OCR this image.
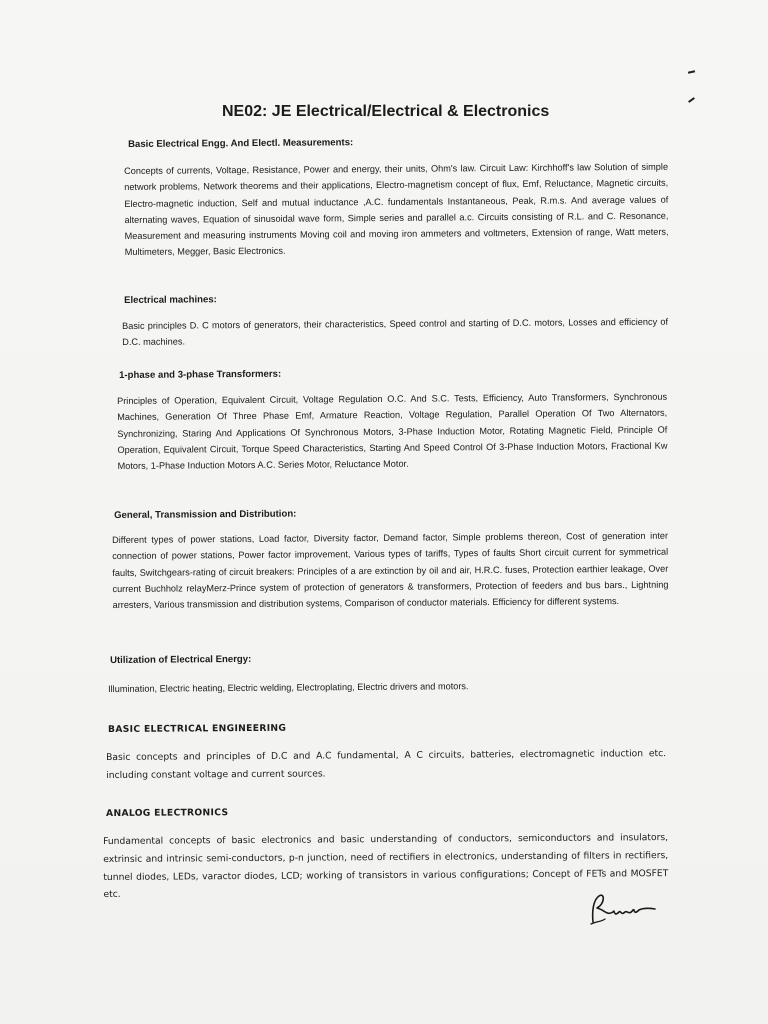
NE02: JE Electrical/Electrical & Electronics
Basic Electrical Engg. And Electl. Measurements:
Concepts of currents, Voltage, Resistance, Power and energy, their units, Ohm's law. Circuit Law: Kirchhoff's law Solution of simple network problems, Network theorems and their applications, Electro-magnetism concept of flux, Emf, Reluctance, Magnetic circuits, Electro-magnetic induction, Self and mutual inductance ,A.C. fundamentals Instantaneous, Peak, R.m.s. And average values of alternating waves, Equation of sinusoidal wave form, Simple series and parallel a.c. Circuits consisting of R.L. and C. Resonance, Measurement and measuring instruments Moving coil and moving iron ammeters and voltmeters, Extension of range, Watt meters, Multimeters, Megger, Basic Electronics.
Electrical machines:
Basic principles D. C motors of generators, their characteristics, Speed control and starting of D.C. motors, Losses and efficiency of D.C. machines.
1-phase and 3-phase Transformers:
Principles of Operation, Equivalent Circuit, Voltage Regulation O.C. And S.C. Tests, Efficiency, Auto Transformers, Synchronous Machines, Generation Of Three Phase Emf, Armature Reaction, Voltage Regulation, Parallel Operation Of Two Alternators, Synchronizing, Staring And Applications Of Synchronous Motors, 3-Phase Induction Motor, Rotating Magnetic Field, Principle Of Operation, Equivalent Circuit, Torque Speed Characteristics, Starting And Speed Control Of 3-Phase Induction Motors, Fractional Kw Motors, 1-Phase Induction Motors A.C. Series Motor, Reluctance Motor.
General, Transmission and Distribution:
Different types of power stations, Load factor, Diversity factor, Demand factor, Simple problems thereon, Cost of generation inter connection of power stations, Power factor improvement, Various types of tariffs, Types of faults Short circuit current for symmetrical faults, Switchgears-rating of circuit breakers: Principles of a are extinction by oil and air, H.R.C. fuses, Protection earthier leakage, Over current Buchholz relayMerz-Prince system of protection of generators & transformers, Protection of feeders and bus bars., Lightning arresters, Various transmission and distribution systems, Comparison of conductor materials. Efficiency for different systems.
Utilization of Electrical Energy:
Illumination, Electric heating, Electric welding, Electroplating, Electric drivers and motors.
BASIC ELECTRICAL ENGINEERING
Basic concepts and principles of D.C and A.C fundamental, A C circuits, batteries, electromagnetic induction etc. including constant voltage and current sources.
ANALOG ELECTRONICS
Fundamental concepts of basic electronics and basic understanding of conductors, semiconductors and insulators, extrinsic and intrinsic semi-conductors, p-n junction, need of rectifiers in electronics, understanding of filters in rectifiers, tunnel diodes, LEDs, varactor diodes, LCD; working of transistors in various configurations; Concept of FETs and MOSFET etc.
